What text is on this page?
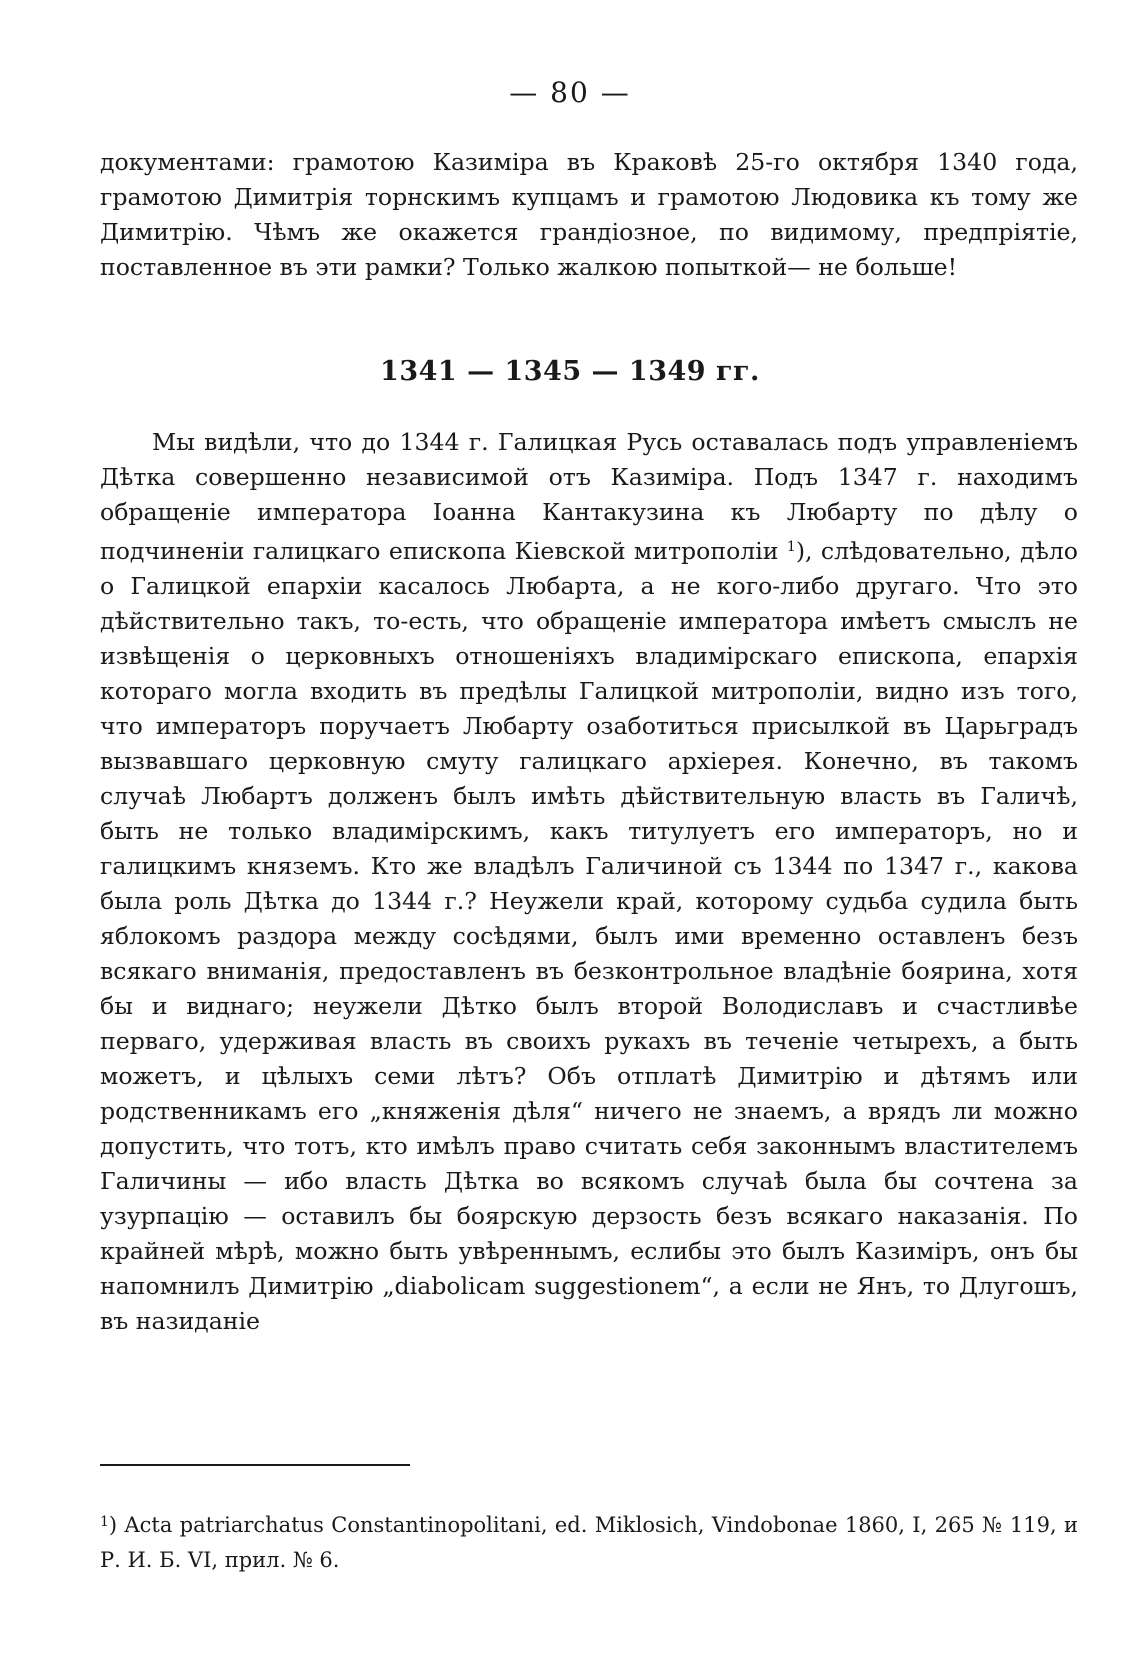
— 80 —

документами: грамотою Казиміра въ Краковѣ 25-го октября 1340 года, грамотою Димитрія торнскимъ купцамъ и грамотою Людовика къ тому же Димитрію. Чѣмъ же окажется грандіозное, по видимому, предпріятіе, поставленное въ эти рамки? Только жалкою попыткой— не больше!

1341 — 1345 — 1349 гг.

Мы видѣли, что до 1344 г. Галицкая Русь оставалась подъ управленіемъ Дѣтка совершенно независимой отъ Казиміра. Подъ 1347 г. находимъ обращеніе императора Іоанна Кантакузина къ Любарту по дѣлу о подчиненіи галицкаго епископа Кіевской митрополіи $^1$), слѣдовательно, дѣло о Галицкой епархіи касалось Любарта, а не кого-либо другаго. Что это дѣйствительно такъ, то-есть, что обращеніе императора имѣетъ смыслъ не извѣщенія о церковныхъ отношеніяхъ владимірскаго епископа, епархія котораго могла входить въ предѣлы Галицкой митрополіи, видно изъ того, что императоръ поручаетъ Любарту озаботиться присылкой въ Царьградъ вызвавшаго церковную смуту галицкаго архіерея. Конечно, въ такомъ случаѣ Любартъ долженъ былъ имѣть дѣйствительную власть въ Галичѣ, быть не только владимірскимъ, какъ титулуетъ его императоръ, но и галицкимъ княземъ. Кто же владѣлъ Галичиной съ 1344 по 1347 г., какова была роль Дѣтка до 1344 г.? Неужели край, которому судьба судила быть яблокомъ раздора между сосѣдями, былъ ими временно оставленъ безъ всякаго вниманія, предоставленъ въ безконтрольное владѣніе боярина, хотя бы и виднаго; неужели Дѣтко былъ второй Володиславъ и счастливѣе перваго, удерживая власть въ своихъ рукахъ въ теченіе четырехъ, а быть можетъ, и цѣлыхъ семи лѣтъ? Объ отплатѣ Димитрію и дѣтямъ или родственникамъ его „княженія дѣля“ ничего не знаемъ, а врядъ ли можно допустить, что тотъ, кто имѣлъ право считать себя законнымъ властителемъ Галичины — ибо власть Дѣтка во всякомъ случаѣ была бы сочтена за узурпацію — оставилъ бы боярскую дерзость безъ всякаго наказанія. По крайней мѣрѣ, можно быть увѣреннымъ, еслибы это былъ Казиміръ, онъ бы напомнилъ Димитрію „diabolicam suggestionem“, а если не Янъ, то Длугошъ, въ назиданіе

$^1$) Acta patriarchatus Constantinopolitani, ed. Miklosich, Vindobonae 1860, I, 265 № 119, и Р. И. Б. VI, прил. № 6.
